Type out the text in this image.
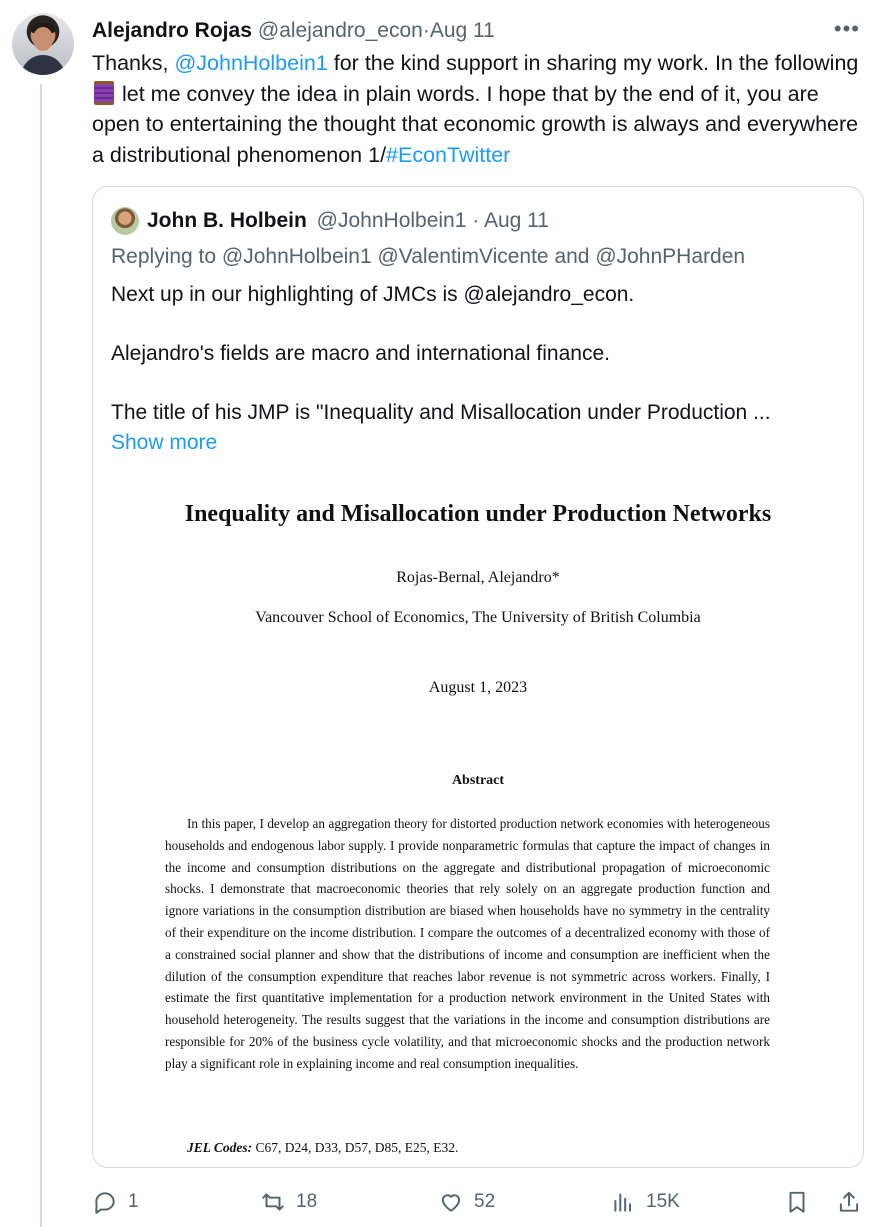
Alejandro Rojas @alejandro_econ · Aug 11	•••
Thanks, @JohnHolbein1 for the kind support in sharing my work. In the following  let me convey the idea in plain words. I hope that by the end of it, you are open to entertaining the thought that economic growth is always and everywhere a distributional phenomenon 1/#EconTwitter
John B. Holbein @JohnHolbein1 · Aug 11
Replying to @JohnHolbein1 @ValentimVicente and @JohnPHarden

Next up in our highlighting of JMCs is @alejandro_econ.

Alejandro's fields are macro and international finance.

The title of his JMP is "Inequality and Misallocation under Production ...

Show more
Inequality and Misallocation under Production Networks
Rojas-Bernal, Alejandro*
Vancouver School of Economics, The University of British Columbia
August 1, 2023
Abstract
In this paper, I develop an aggregation theory for distorted production network economies with heterogeneous households and endogenous labor supply. I provide nonparametric formulas that capture the impact of changes in the income and consumption distributions on the aggregate and distributional propagation of microeconomic shocks. I demonstrate that macroeconomic theories that rely solely on an aggregate production function and ignore variations in the consumption distribution are biased when households have no symmetry in the centrality of their expenditure on the income distribution. I compare the outcomes of a decentralized economy with those of a constrained social planner and show that the distributions of income and consumption are inefficient when the dilution of the consumption expenditure that reaches labor revenue is not symmetric across workers. Finally, I estimate the first quantitative implementation for a production network environment in the United States with household heterogeneity. The results suggest that the variations in the income and consumption distributions are responsible for 20% of the business cycle volatility, and that microeconomic shocks and the production network play a significant role in explaining income and real consumption inequalities.
JEL Codes: C67, D24, D33, D57, D85, E25, E32.
1	18	52	15K
